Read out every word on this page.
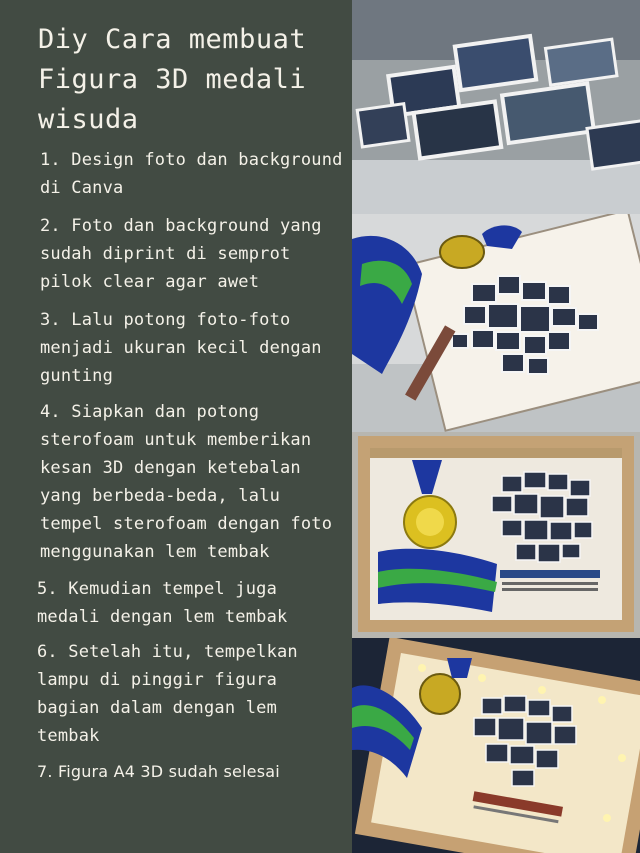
Diy Cara membuat Figura 3D medali wisuda
1. Design foto dan background di Canva
2. Foto dan background yang sudah diprint di semprot pilok clear agar awet
3. Lalu potong foto-foto menjadi ukuran kecil dengan gunting
4. Siapkan dan potong sterofoam untuk memberikan kesan 3D dengan ketebalan yang berbeda-beda, lalu tempel sterofoam dengan foto menggunakan lem tembak
5. Kemudian tempel juga medali dengan lem tembak
6. Setelah itu, tempelkan lampu di pinggir figura bagian dalam dengan lem tembak
7. Figura A4 3D sudah selesai
